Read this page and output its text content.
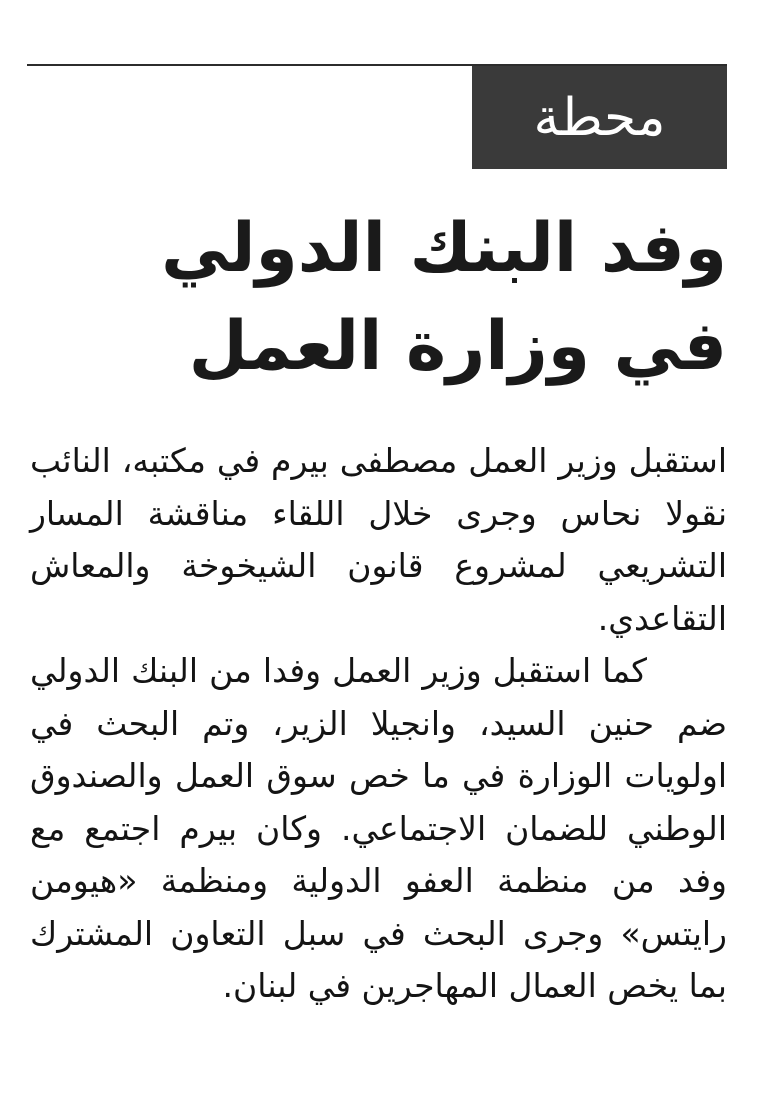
محطة
وفد البنك الدولي
في وزارة العمل

استقبل وزير العمل مصطفى بيرم في مكتبه، النائب نقولا نحاس وجرى خلال اللقاء مناقشة المسار التشريعي لمشروع قانون الشيخوخة والمعاش التقاعدي.

كما استقبل وزير العمل وفدا من البنك الدولي ضم حنين السيد، وانجيلا الزير، وتم البحث في اولويات الوزارة في ما خص سوق العمل والصندوق الوطني للضمان الاجتماعي. وكان بيرم اجتمع مع وفد من منظمة العفو الدولية ومنظمة «هيومن رايتس» وجرى البحث في سبل التعاون المشترك بما يخص العمال المهاجرين في لبنان.
